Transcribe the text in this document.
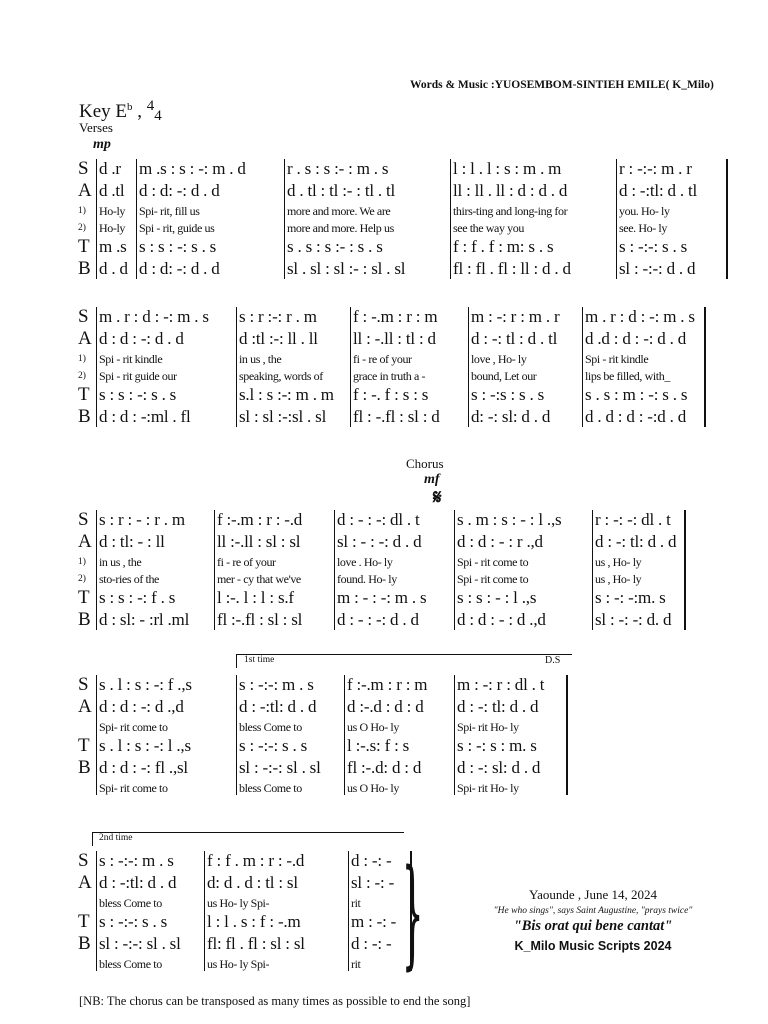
Words & Music :YUOSEMBOM-SINTIEH EMILE( K_Milo)
Key $E^b$ , $^4_4$
Verses
mp
Chorus
mf
𝄋
S d .r	m .s : s : -: m . d	r . s : s :- : m . s	l : l . l : s : m . m	r : -:-: m . r
A d .tl d : d: -: d . d	d . tl : tl :- : tl . tl	ll : ll . ll : d : d . d	d : -:tl: d . tl
1)	Ho-ly	Spi- rit, fill us	more and more. We are	thirs-ting and long-ing for	you. Ho- ly
2)	Ho-ly	Spi - rit, guide us	more and more. Help us	see the way you	see. Ho- ly
T m .s s : s : -: s . s	s . s : s :- : s . s	f : f . f : m: s . s	s : -:-: s . s
B d . d d : d: -: d . d	sl . sl : sl :- : sl . sl	fl : fl . fl : ll : d . d	sl : -:-: d . d
S m . r : d : -: m . s	s : r :-: r . m	f : -.m : r : m	m : -: r : m . r	m . r : d : -: m . s
A d : d : -: d . d	d :tl :-: ll . ll	ll : -.ll : tl : d	d : -: tl : d . tl	d .d : d : -: d . d
1)	Spi - rit kindle	in us , the	fi - re of your	love , Ho- ly	Spi - rit kindle
2)	Spi - rit guide our	speaking, words of	grace in truth a -	bound, Let our	lips be filled, with_
T s : s : -: s . s	s.l : s :-: m . m	f : -. f : s : s	s : -:s : s . s	s . s : m : -: s . s
B d : d : -:ml . fl	sl : sl :-:sl . sl	fl : -.fl : sl : d	d: -: sl: d . d	d . d : d : -:d . d
S s : r : - : r . m	f :-.m : r : -.d	d : - : -: dl . t	s . m : s : - : l .,s	r : -: -: dl . t
A d : tl: - : ll	ll :-.ll : sl : sl	sl : - : -: d . d	d : d : - : r .,d	d : -: tl: d . d
1)	in us , the	fi - re of your	love . Ho- ly	Spi - rit come to	us , Ho- ly
2)	sto-ries of the	mer - cy that we've	found. Ho- ly	Spi - rit come to	us , Ho- ly
T s : s : -: f . s	l :-. l : l : s.f	m : - : -: m . s	s : s : - : l .,s	s : -: -:m. s
B d : sl: - :rl .ml	fl :-.fl : sl : sl	d : - : -: d . d	d : d : - : d .,d	sl : -: -: d. d
S s . l : s : -: f .,s	s : -:-: m . s	f :-.m : r : m	m : -: r : dl . t
A d : d : -: d .,d	d : -:tl: d . d	d :-.d : d : d	d : -: tl: d . d
Spi- rit come to	bless Come to	us O Ho- ly	Spi- rit Ho- ly
T s . l : s : -: l .,s	s : -:-: s . s	l :-.s: f : s	s : -: s : m. s
B d : d : -: fl .,sl	sl : -:-: sl . sl	fl :-.d: d : d	d : -: sl: d . d
Spi- rit come to	bless Come to	us O Ho- ly	Spi- rit Ho- ly
S s : -:-: m . s	f : f . m : r : -.d	d : -: -
A d : -:tl: d . d	d: d . d : tl : sl	sl : -: -
bless Come to	us Ho- ly Spi-	rit
T s : -:-: s . s	l : l . s : f : -.m	m : -: -
B sl : -:-: sl . sl	fl: fl . fl : sl : sl	d : -: -
bless Come to	us Ho- ly Spi-	rit
1st time	D.S
2nd time
}	Yaounde , June 14, 2024
"He who sings", says Saint Augustine, "prays twice"
"Bis orat qui bene cantat"
K_Milo Music Scripts 2024
[NB: The chorus can be transposed as many times as possible to end the song]
